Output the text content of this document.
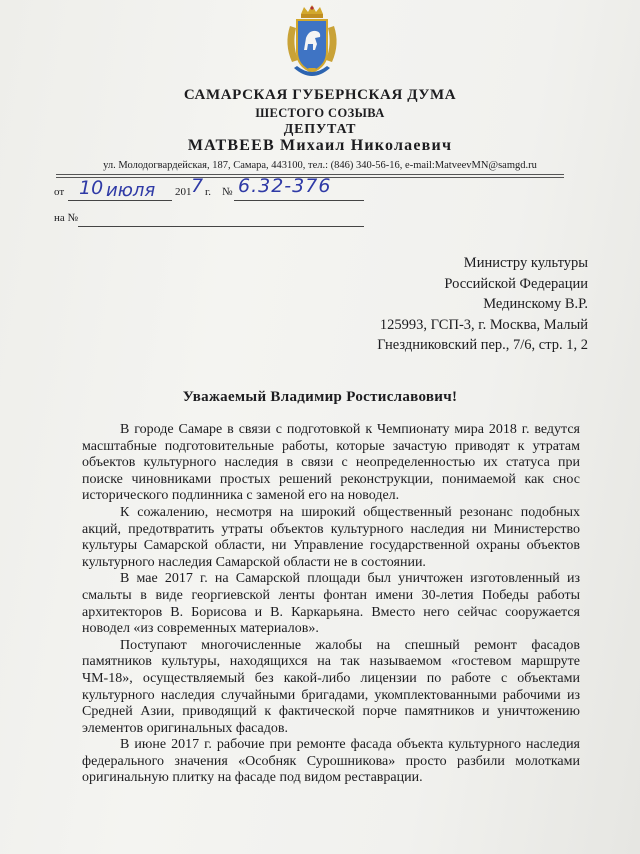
САМАРСКАЯ ГУБЕРНСКАЯ ДУМА
ШЕСТОГО СОЗЫВА
ДЕПУТАТ
МАТВЕЕВ Михаил Николаевич
ул. Молодогвардейская, 187, Самара, 443100, тел.: (846) 340-56-16, e-mail:MatveevMN@samgd.ru
от 10 июля 201 7 г. № 6.32-376
на №
Министру культуры
Российской Федерации
Мединскому В.Р.
125993, ГСП-3, г. Москва, Малый
Гнездниковский пер., 7/6, стр. 1, 2
Уважаемый Владимир Ростиславович!

В городе Самаре в связи с подготовкой к Чемпионату мира 2018 г. ведутся масштабные подготовительные работы, которые зачастую приводят к утратам объектов культурного наследия в связи с неопределенностью их статуса при поиске чиновниками простых решений реконструкции, понимаемой как снос исторического подлинника с заменой его на новодел.

К сожалению, несмотря на широкий общественный резонанс подобных акций, предотвратить утраты объектов культурного наследия ни Министерство культуры Самарской области, ни Управление государственной охраны объектов культурного наследия Самарской области не в состоянии.

В мае 2017 г. на Самарской площади был уничтожен изготовленный из смальты в виде георгиевской ленты фонтан имени 30-летия Победы работы архитекторов В. Борисова и В. Каркарьяна. Вместо него сейчас сооружается новодел «из современных материалов».

Поступают многочисленные жалобы на спешный ремонт фасадов памятников культуры, находящихся на так называемом «гостевом маршруте ЧМ-18», осуществляемый без какой-либо лицензии по работе с объектами культурного наследия случайными бригадами, укомплектованными рабочими из Средней Азии, приводящий к фактической порче памятников и уничтожению элементов оригинальных фасадов.

В июне 2017 г. рабочие при ремонте фасада объекта культурного наследия федерального значения «Особняк Сурошникова» просто разбили молотками оригинальную плитку на фасаде под видом реставрации.
